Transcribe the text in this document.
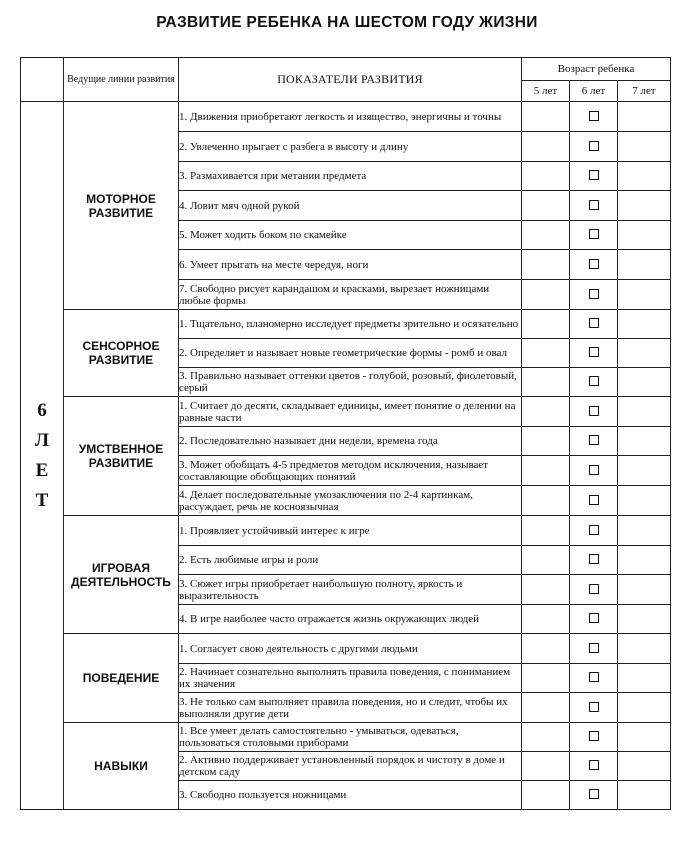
РАЗВИТИЕ РЕБЕНКА НА ШЕСТОМ ГОДУ ЖИЗНИ
	Ведущие линии развития	ПОКАЗАТЕЛИ РАЗВИТИЯ	Возраст ребенка		
			5 лет	6 лет	7 лет

6
Л
Е
Т	МОТОРНОЕ РАЗВИТИЕ	1. Движения приобретают легкость и изящество, энергичны и точны			
		2. Увлеченно прыгает с разбега в высоту и длину			
		3. Размахивается при метании предмета			
		4. Ловит мяч одной рукой			
		5. Может ходить боком по скамейке			
		6. Умеет прыгать на месте чередуя, ноги			
		7. Свободно рисует карандашом и красками, вырезает ножницами любые формы			
	СЕНСОРНОЕ РАЗВИТИЕ	1. Тщательно, планомерно исследует предметы зрительно и осязательно			
		2. Определяет и называет новые геометрические формы - ромб и овал			
		3. Правильно называет оттенки цветов - голубой, розовый, фиолетовый, серый			
	УМСТВЕННОЕ РАЗВИТИЕ	1. Считает до десяти, складывает единицы, имеет понятие о делении на равные части			
		2. Последовательно называет дни недели, времена года			
		3. Может обобщать 4-5 предметов методом исключения, называет составляющие обобщающих понятий			
		4. Делает последовательные умозаключения по 2-4 картинкам, рассуждает, речь не косноязычная			
	ИГРОВАЯ ДЕЯТЕЛЬНОСТЬ	1. Проявляет устойчивый интерес к игре			
		2. Есть любимые игры и роли			
		3. Сюжет игры приобретает наибольшую полноту, яркость и выразительность			
		4. В игре наиболее часто отражается жизнь окружающих людей			
	ПОВЕДЕНИЕ	1. Согласует свою деятельность с другими людьми			
		2. Начинает сознательно выполнять правила поведения, с пониманием их значения			
		3. Не только сам выполняет правила поведения, но и следит, чтобы их выполняли другие дети			
	НАВЫКИ	1. Все умеет делать самостоятельно - умываться, одеваться, пользоваться столовыми приборами			
		2. Активно поддерживает установленный порядок и чистоту в доме и детском саду			
		3. Свободно пользуется ножницами			
